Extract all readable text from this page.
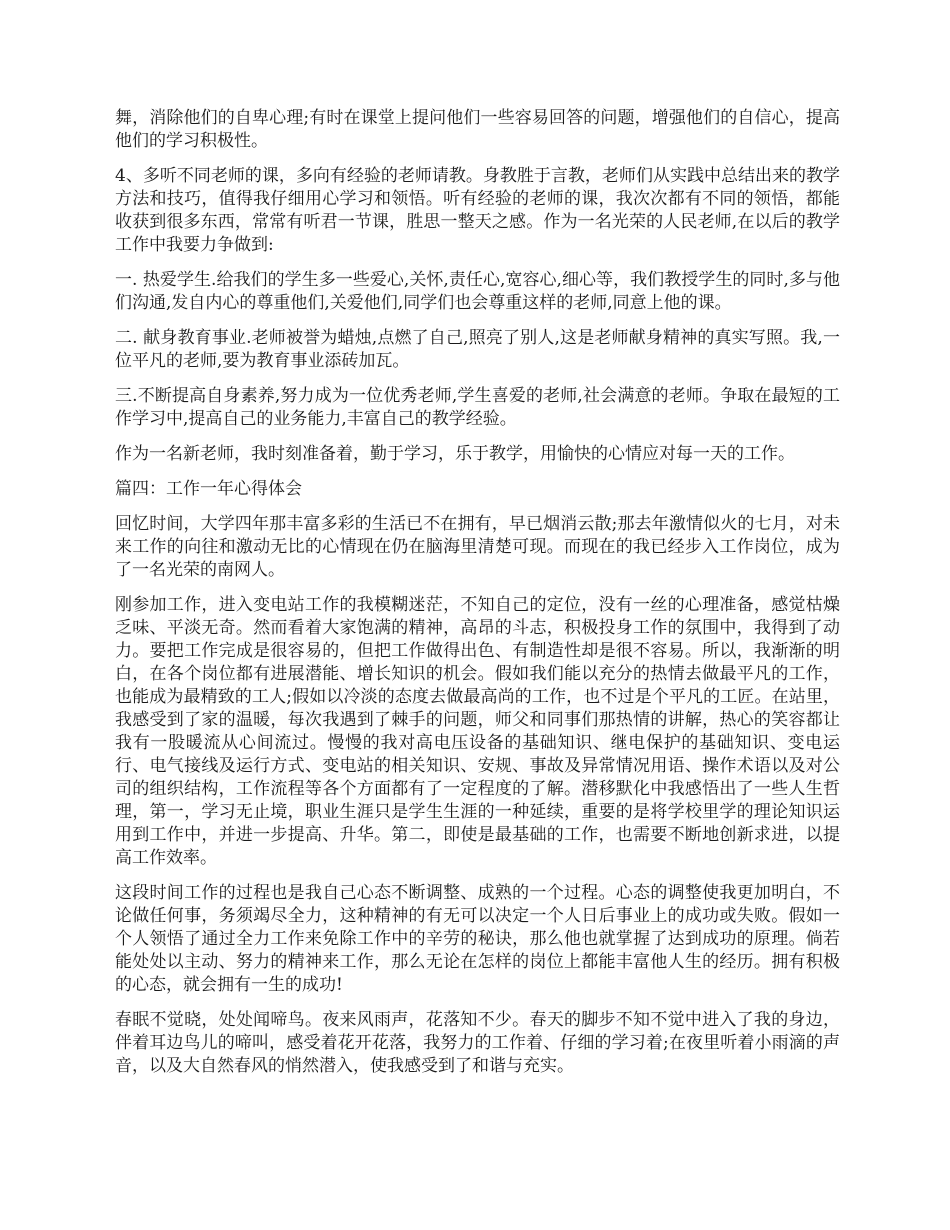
舞，消除他们的自卑心理;有时在课堂上提问他们一些容易回答的问题，增强他们的自信心，提高他们的学习积极性。

4、多听不同老师的课，多向有经验的老师请教。身教胜于言教，老师们从实践中总结出来的教学方法和技巧，值得我仔细用心学习和领悟。听有经验的老师的课，我次次都有不同的领悟，都能收获到很多东西，常常有听君一节课，胜思一整天之感。作为一名光荣的人民老师,在以后的教学工作中我要力争做到:

一. 热爱学生.给我们的学生多一些爱心,关怀,责任心,宽容心,细心等，我们教授学生的同时,多与他们沟通,发自内心的尊重他们,关爱他们,同学们也会尊重这样的老师,同意上他的课。

二. 献身教育事业.老师被誉为蜡烛,点燃了自己,照亮了别人,这是老师献身精神的真实写照。我,一位平凡的老师,要为教育事业添砖加瓦。

三.不断提高自身素养,努力成为一位优秀老师,学生喜爱的老师,社会满意的老师。争取在最短的工作学习中,提高自己的业务能力,丰富自己的教学经验。

作为一名新老师，我时刻准备着，勤于学习，乐于教学，用愉快的心情应对每一天的工作。

篇四：工作一年心得体会

回忆时间，大学四年那丰富多彩的生活已不在拥有，早已烟消云散;那去年激情似火的七月，对未来工作的向往和激动无比的心情现在仍在脑海里清楚可现。而现在的我已经步入工作岗位，成为了一名光荣的南网人。

刚参加工作，进入变电站工作的我模糊迷茫，不知自己的定位，没有一丝的心理准备，感觉枯燥乏味、平淡无奇。然而看着大家饱满的精神，高昂的斗志，积极投身工作的氛围中，我得到了动力。要把工作完成是很容易的，但把工作做得出色、有制造性却是很不容易。所以，我渐渐的明白，在各个岗位都有进展潜能、增长知识的机会。假如我们能以充分的热情去做最平凡的工作，也能成为最精致的工人;假如以冷淡的态度去做最高尚的工作，也不过是个平凡的工匠。在站里，我感受到了家的温暖，每次我遇到了棘手的问题，师父和同事们那热情的讲解，热心的笑容都让我有一股暖流从心间流过。慢慢的我对高电压设备的基础知识、继电保护的基础知识、变电运行、电气接线及运行方式、变电站的相关知识、安规、事故及异常情况用语、操作术语以及对公司的组织结构，工作流程等各个方面都有了一定程度的了解。潜移默化中我感悟出了一些人生哲理，第一，学习无止境，职业生涯只是学生生涯的一种延续，重要的是将学校里学的理论知识运用到工作中，并进一步提高、升华。第二，即使是最基础的工作，也需要不断地创新求进，以提高工作效率。

这段时间工作的过程也是我自己心态不断调整、成熟的一个过程。心态的调整使我更加明白，不论做任何事，务须竭尽全力，这种精神的有无可以决定一个人日后事业上的成功或失败。假如一个人领悟了通过全力工作来免除工作中的辛劳的秘诀，那么他也就掌握了达到成功的原理。倘若能处处以主动、努力的精神来工作，那么无论在怎样的岗位上都能丰富他人生的经历。拥有积极的心态，就会拥有一生的成功!

春眠不觉晓，处处闻啼鸟。夜来风雨声，花落知不少。春天的脚步不知不觉中进入了我的身边，伴着耳边鸟儿的啼叫，感受着花开花落，我努力的工作着、仔细的学习着;在夜里听着小雨滴的声音，以及大自然春风的悄然潜入，使我感受到了和谐与充实。
